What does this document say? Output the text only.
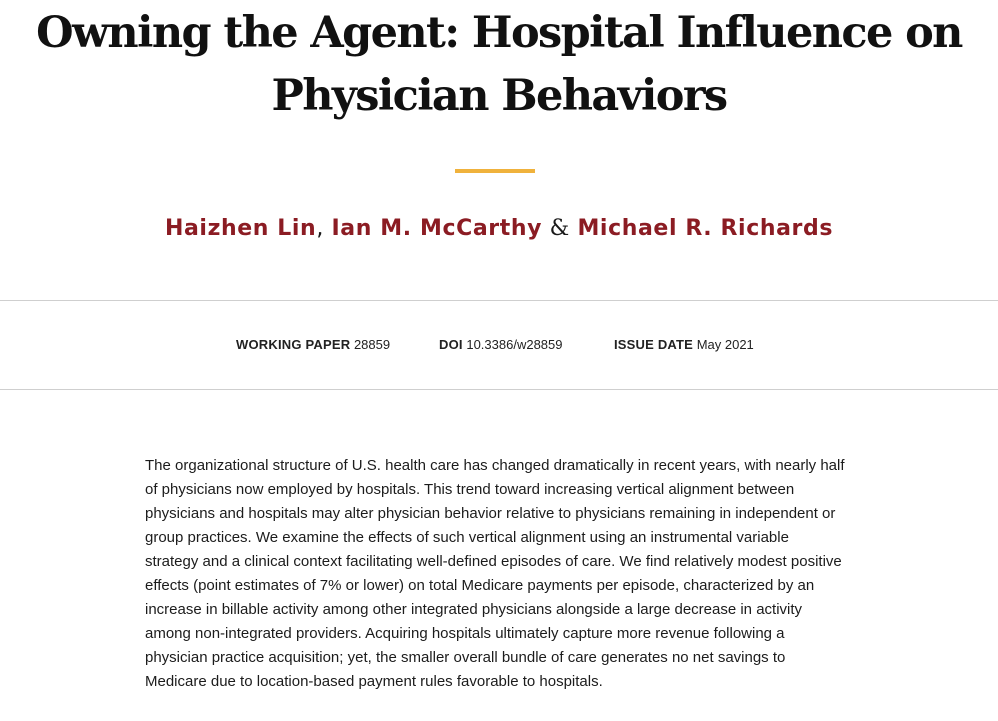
Owning the Agent: Hospital Influence on Physician Behaviors
Haizhen Lin, Ian M. McCarthy & Michael R. Richards
WORKING PAPER 28859	DOI 10.3386/w28859	ISSUE DATE May 2021

The organizational structure of U.S. health care has changed dramatically in recent years, with nearly half of physicians now employed by hospitals. This trend toward increasing vertical alignment between physicians and hospitals may alter physician behavior relative to physicians remaining in independent or group practices. We examine the effects of such vertical alignment using an instrumental variable strategy and a clinical context facilitating well-defined episodes of care. We find relatively modest positive effects (point estimates of 7% or lower) on total Medicare payments per episode, characterized by an increase in billable activity among other integrated physicians alongside a large decrease in activity among non-integrated providers. Acquiring hospitals ultimately capture more revenue following a physician practice acquisition; yet, the smaller overall bundle of care generates no net savings to Medicare due to location-based payment rules favorable to hospitals.
